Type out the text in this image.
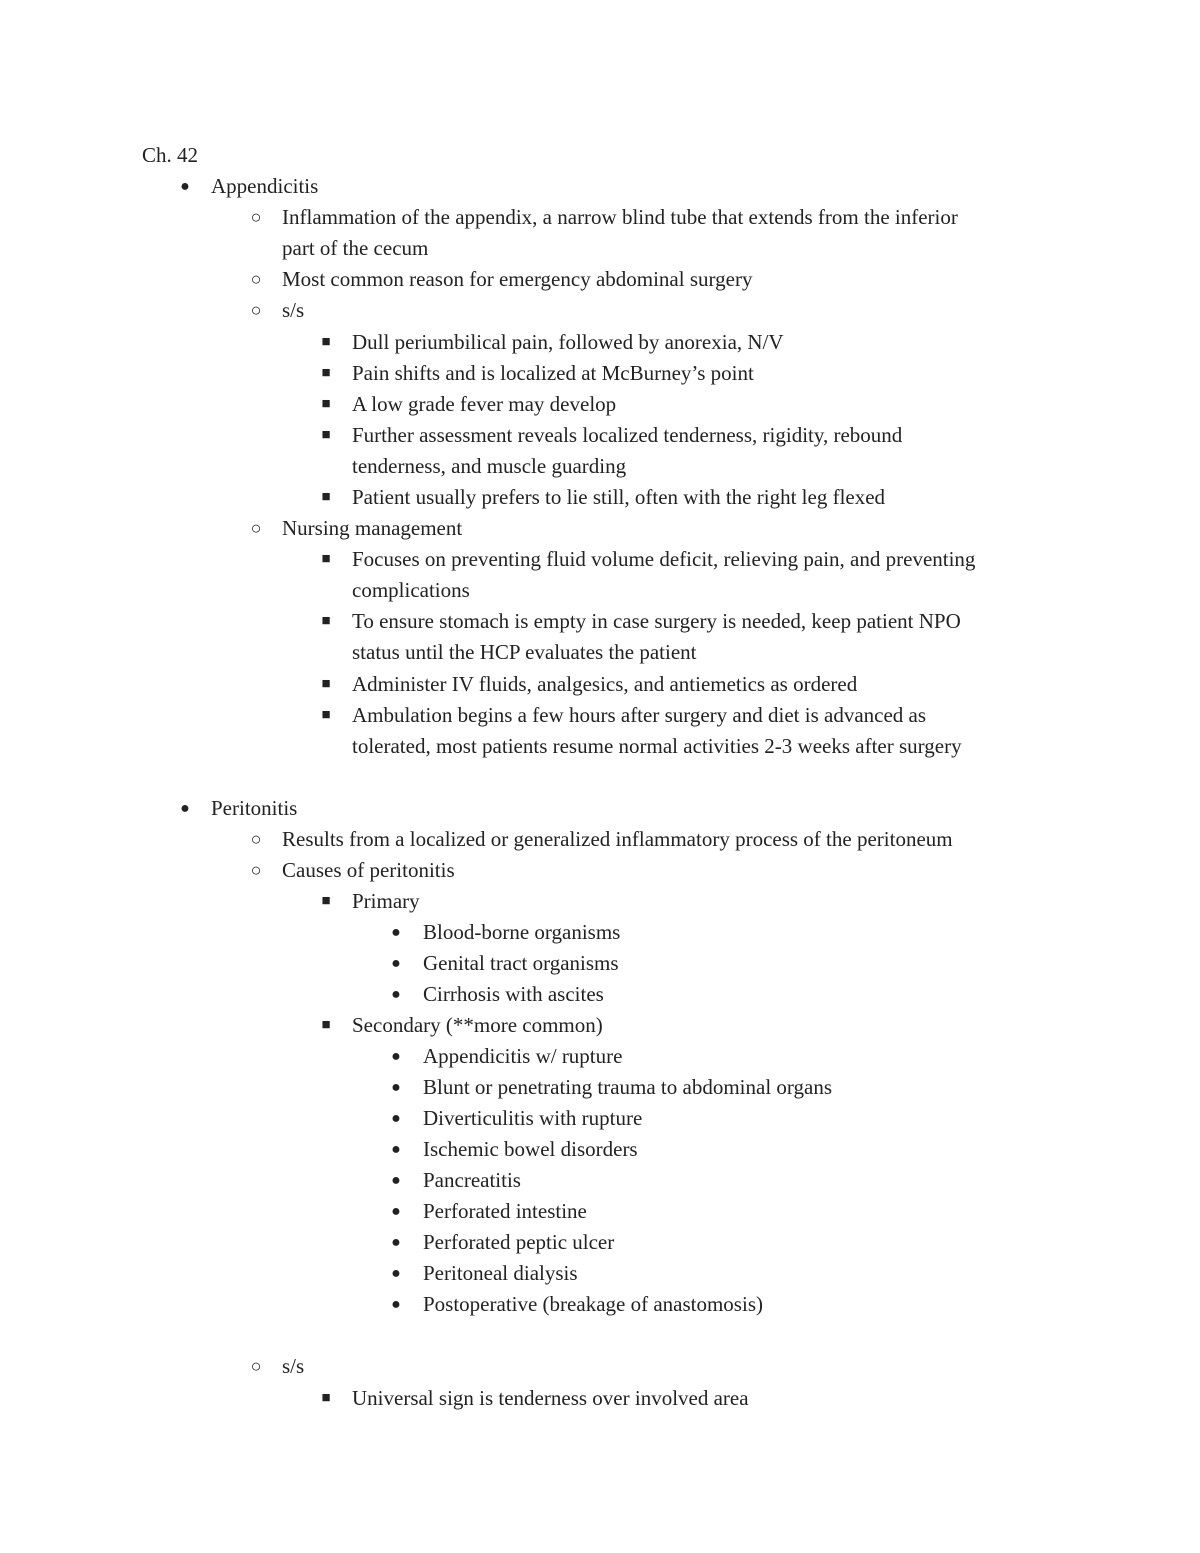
Ch. 42
● Appendicitis
○ Inflammation of the appendix, a narrow blind tube that extends from the inferior
part of the cecum
○ Most common reason for emergency abdominal surgery
○ s/s
■ Dull periumbilical pain, followed by anorexia, N/V
■ Pain shifts and is localized at McBurney’s point
■ A low grade fever may develop
■ Further assessment reveals localized tenderness, rigidity, rebound
tenderness, and muscle guarding
■ Patient usually prefers to lie still, often with the right leg flexed
○ Nursing management
■ Focuses on preventing fluid volume deficit, relieving pain, and preventing
complications
■ To ensure stomach is empty in case surgery is needed, keep patient NPO
status until the HCP evaluates the patient
■ Administer IV fluids, analgesics, and antiemetics as ordered
■ Ambulation begins a few hours after surgery and diet is advanced as
tolerated, most patients resume normal activities 2-3 weeks after surgery
● Peritonitis
○ Results from a localized or generalized inflammatory process of the peritoneum
○ Causes of peritonitis
■ Primary
● Blood-borne organisms
● Genital tract organisms
● Cirrhosis with ascites
■ Secondary (**more common)
● Appendicitis w/ rupture
● Blunt or penetrating trauma to abdominal organs
● Diverticulitis with rupture
● Ischemic bowel disorders
● Pancreatitis
● Perforated intestine
● Perforated peptic ulcer
● Peritoneal dialysis
● Postoperative (breakage of anastomosis)
○ s/s
■ Universal sign is tenderness over involved area
